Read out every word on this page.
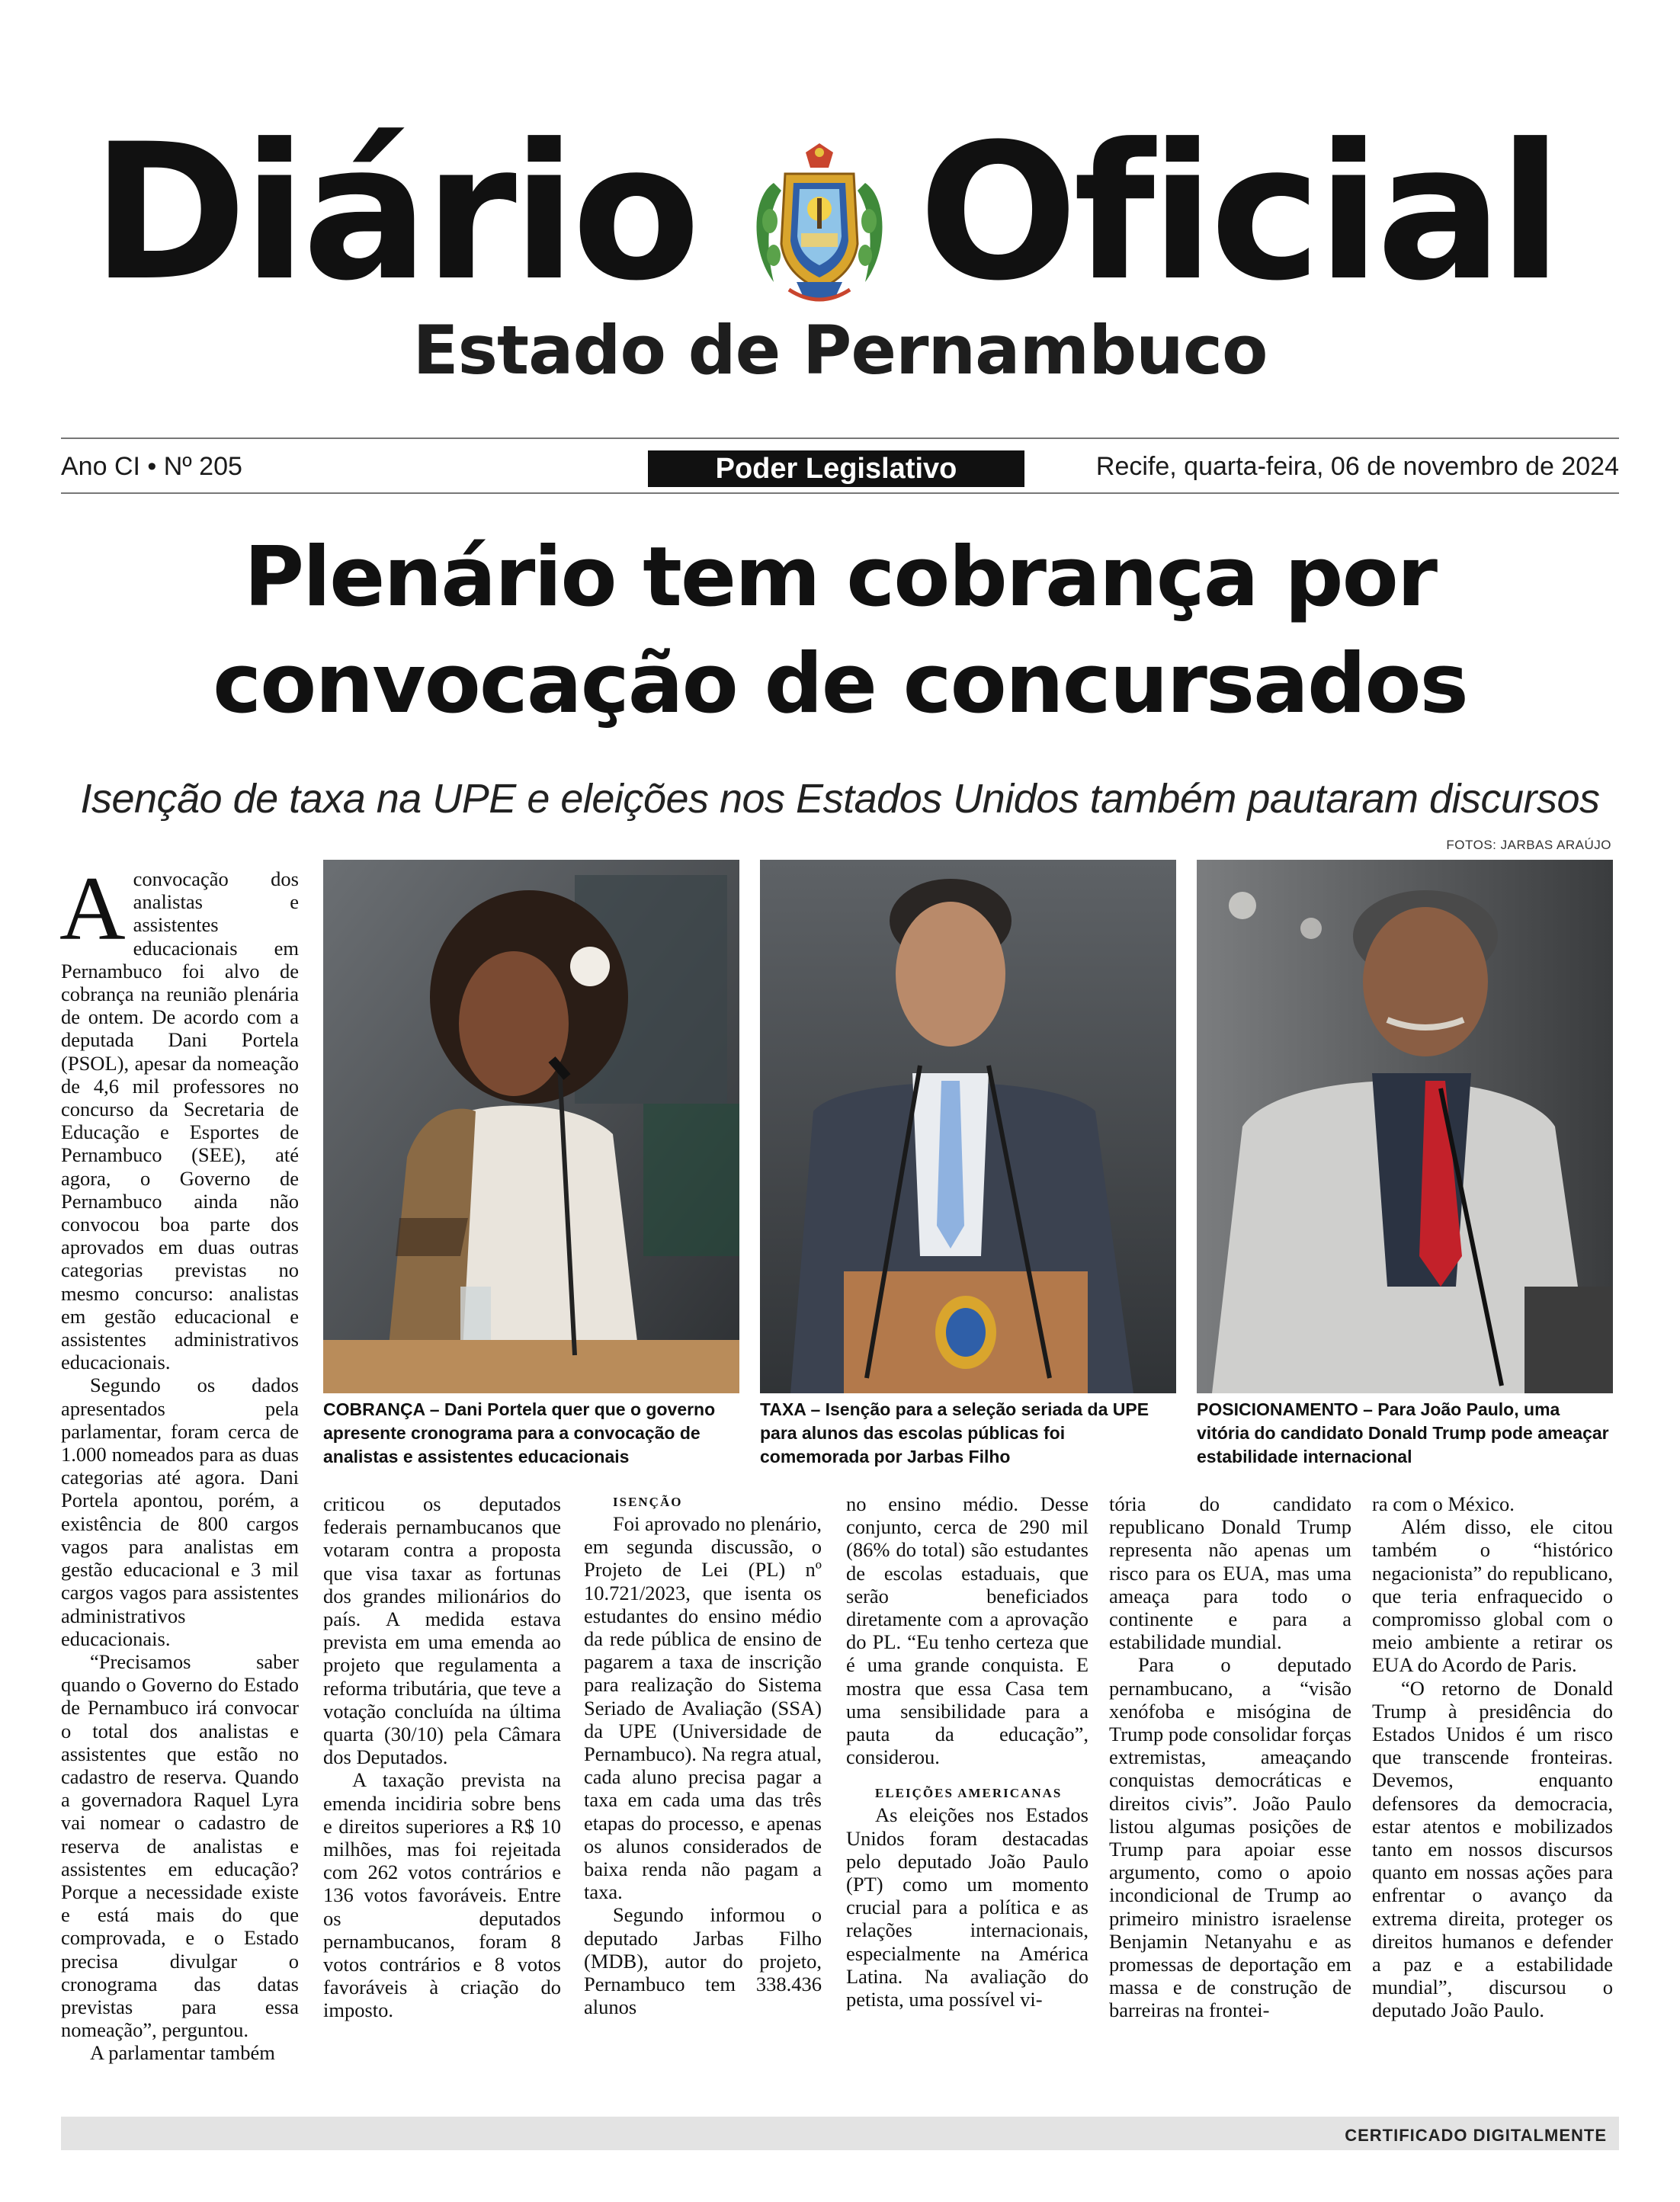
Diário Oficial
Estado de Pernambuco
Ano CI • Nº 205	Poder Legislativo	Recife, quarta-feira, 06 de novembro de 2024
Plenário tem cobrança por
convocação de concursados
Isenção de taxa na UPE e eleições nos Estados Unidos também pautaram discursos
FOTOS: JARBAS ARAÚJO
COBRANÇA – Dani Portela quer que o governo apresente cronograma para a convocação de analistas e assistentes educacionais
TAXA – Isenção para a seleção seriada da UPE para alunos das escolas públicas foi comemorada por Jarbas Filho
POSICIONAMENTO – Para João Paulo, uma vitória do candidato Donald Trump pode ameaçar estabilidade internacional

Aconvocação dos analistas e assistentes educacionais em Pernambuco foi alvo de cobrança na reunião plenária de ontem. De acordo com a deputada Dani Portela (PSOL), apesar da nomeação de 4,6 mil professores no concurso da Secretaria de Educação e Esportes de Pernambuco (SEE), até agora, o Governo de Pernambuco ainda não convocou boa parte dos aprovados em duas outras categorias previstas no mesmo concurso: analistas em gestão educacional e assistentes administrativos educacionais.

Segundo os dados apresentados pela parlamentar, foram cerca de 1.000 nomeados para as duas categorias até agora. Dani Portela apontou, porém, a existência de 800 cargos vagos para analistas em gestão educacional e 3 mil cargos vagos para assistentes administrativos educacionais.

“Precisamos saber quando o Governo do Estado de Pernambuco irá convocar o total dos analistas e assistentes que estão no cadastro de reserva. Quando a governadora Raquel Lyra vai nomear o cadastro de reserva de analistas e assistentes em educação? Porque a necessidade existe e está mais do que comprovada, e o Estado precisa divulgar o cronograma das datas previstas para essa nomeação”, perguntou.

A parlamentar também

criticou os deputados federais pernambucanos que votaram contra a proposta que visa taxar as fortunas dos grandes milionários do país. A medida estava prevista em uma emenda ao projeto que regulamenta a reforma tributária, que teve a votação concluída na última quarta (30/10) pela Câmara dos Deputados.

A taxação prevista na emenda incidiria sobre bens e direitos superiores a R$ 10 milhões, mas foi rejeitada com 262 votos contrários e 136 votos favoráveis. Entre os deputados pernambucanos, foram 8 votos contrários e 8 votos favoráveis à criação do imposto.

ISENÇÃO

Foi aprovado no plenário, em segunda discussão, o Projeto de Lei (PL) nº 10.721/2023, que isenta os estudantes do ensino médio da rede pública de ensino de pagarem a taxa de inscrição para realização do Sistema Seriado de Avaliação (SSA) da UPE (Universidade de Pernambuco). Na regra atual, cada aluno precisa pagar a taxa em cada uma das três etapas do processo, e apenas os alunos considerados de baixa renda não pagam a taxa.

Segundo informou o deputado Jarbas Filho (MDB), autor do projeto, Pernambuco tem 338.436 alunos

no ensino médio. Desse conjunto, cerca de 290 mil (86% do total) são estudantes de escolas estaduais, que serão beneficiados diretamente com a aprovação do PL. “Eu tenho certeza que é uma grande conquista. E mostra que essa Casa tem uma sensibilidade para a pauta da educação”, considerou.

ELEIÇÕES AMERICANAS

As eleições nos Estados Unidos foram destacadas pelo deputado João Paulo (PT) como um momento crucial para a política e as relações internacionais, especialmente na América Latina. Na avaliação do petista, uma possível vi-

tória do candidato republicano Donald Trump representa não apenas um risco para os EUA, mas uma ameaça para todo o continente e para a estabilidade mundial.

Para o deputado pernambucano, a “visão xenófoba e misógina de Trump pode consolidar forças extremistas, ameaçando conquistas democráticas e direitos civis”. João Paulo listou algumas posições de Trump para apoiar esse argumento, como o apoio incondicional de Trump ao primeiro ministro israelense Benjamin Netanyahu e as promessas de deportação em massa e de construção de barreiras na frontei-

ra com o México.

Além disso, ele citou também o “histórico negacionista” do republicano, que teria enfraquecido o compromisso global com o meio ambiente a retirar os EUA do Acordo de Paris.

“O retorno de Donald Trump à presidência do Estados Unidos é um risco que transcende fronteiras. Devemos, enquanto defensores da democracia, estar atentos e mobilizados tanto em nossos discursos quanto em nossas ações para enfrentar o avanço da extrema direita, proteger os direitos humanos e defender a paz e a estabilidade mundial”, discursou o deputado João Paulo.

CERTIFICADO DIGITALMENTE
